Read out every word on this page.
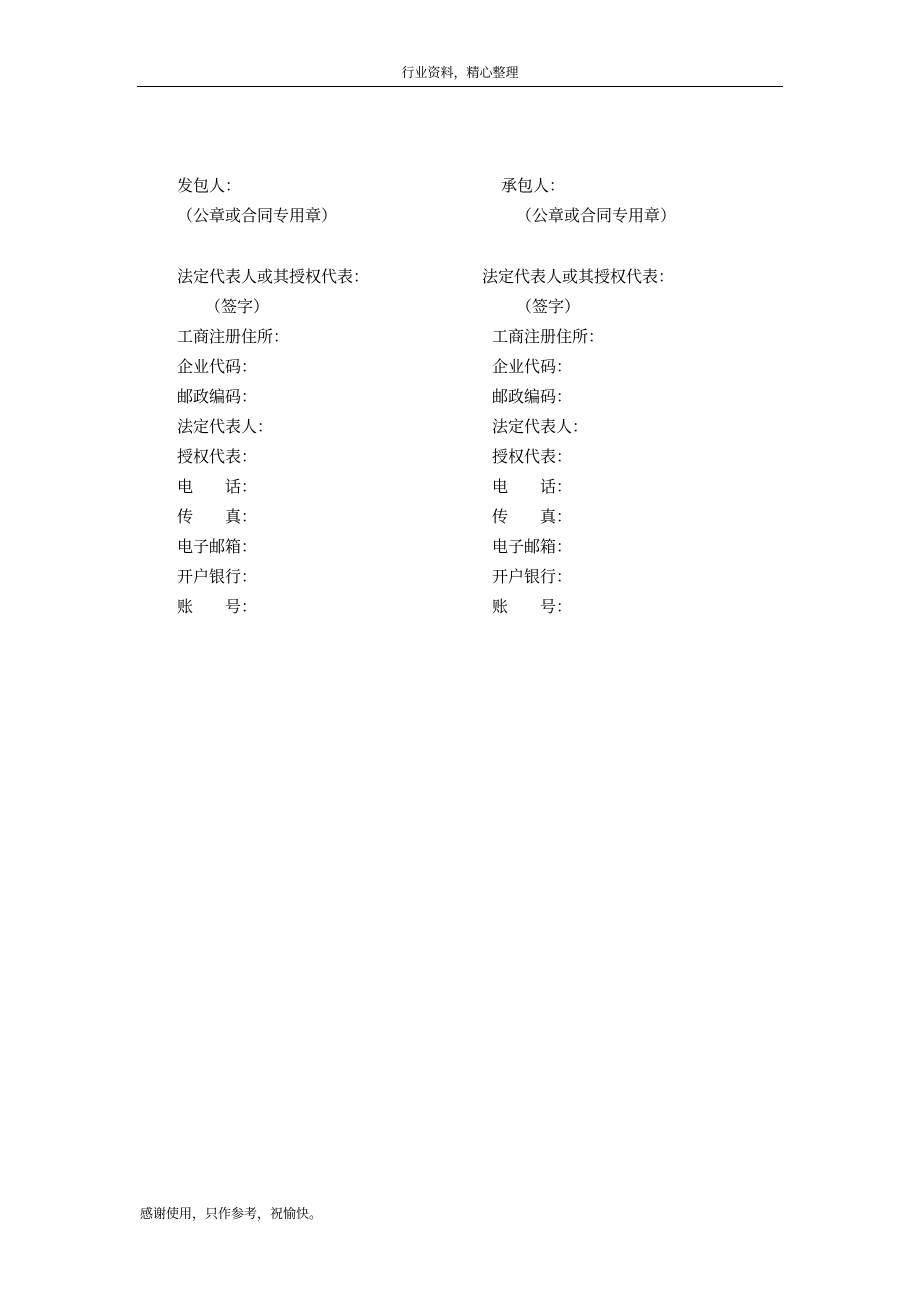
行业资料，精心整理
发包人：
（公章或合同专用章）
法定代表人或其授权代表：
（签字）
工商注册住所：
企业代码：
邮政编码：
法定代表人：
授权代表：
电　　话：
传　　真：
电子邮箱：
开户银行：
账　　号：
承包人：
（公章或合同专用章）
法定代表人或其授权代表：
（签字）
工商注册住所：
企业代码：
邮政编码：
法定代表人：
授权代表：
电　　话：
传　　真：
电子邮箱：
开户银行：
账　　号：
感谢使用，只作参考，祝愉快。
